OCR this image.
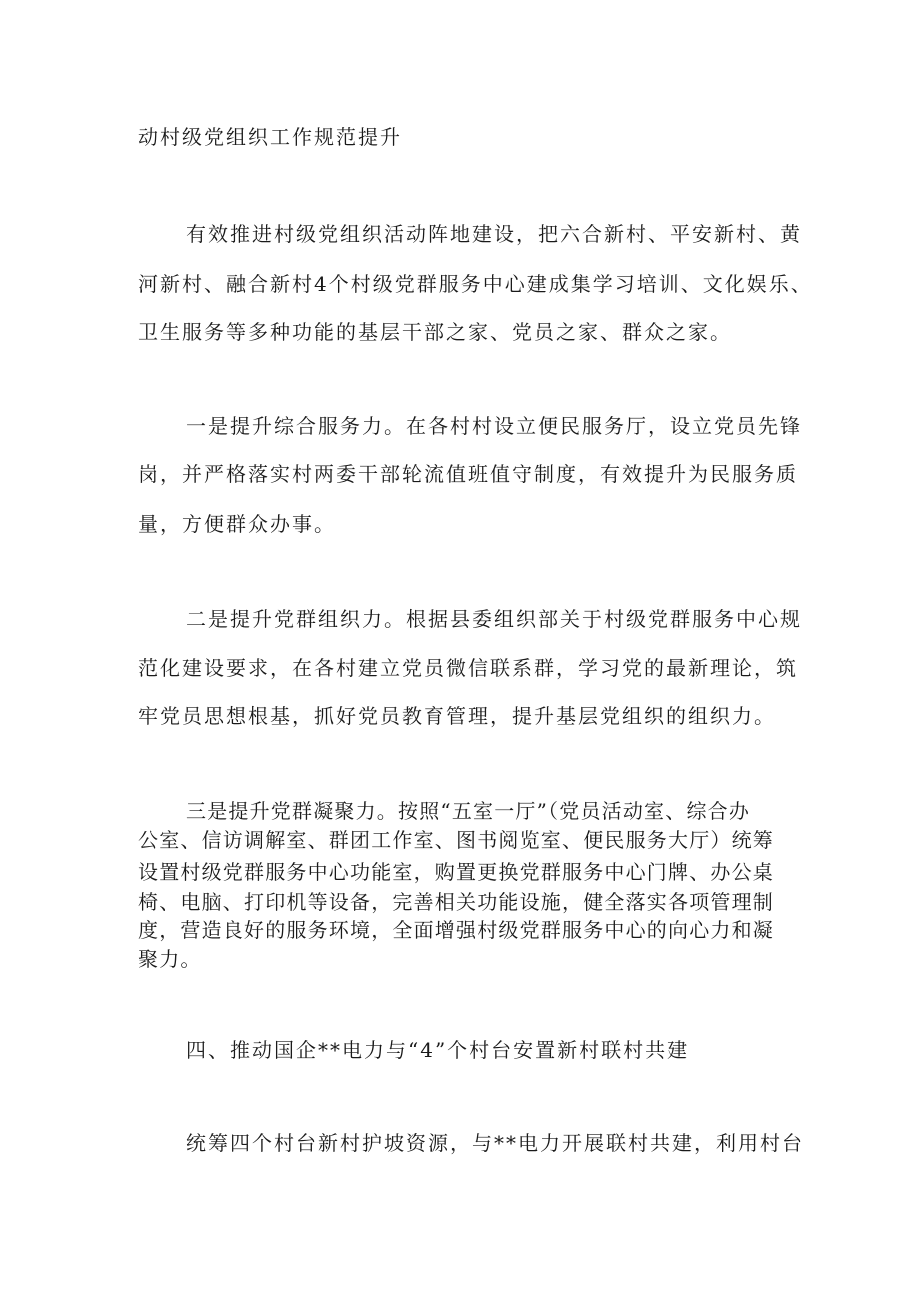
动村级党组织工作规范提升

有效推进村级党组织活动阵地建设，把六合新村、平安新村、黄

河新村、融合新村4个村级党群服务中心建成集学习培训、文化娱乐、

卫生服务等多种功能的基层干部之家、党员之家、群众之家。

一是提升综合服务力。在各村村设立便民服务厅，设立党员先锋

岗，并严格落实村两委干部轮流值班值守制度，有效提升为民服务质

量，方便群众办事。

二是提升党群组织力。根据县委组织部关于村级党群服务中心规

范化建设要求，在各村建立党员微信联系群，学习党的最新理论，筑

牢党员思想根基，抓好党员教育管理，提升基层党组织的组织力。

三是提升党群凝聚力。按照“五室一厅”（党员活动室、综合办

公室、信访调解室、群团工作室、图书阅览室、便民服务大厅）统筹

设置村级党群服务中心功能室，购置更换党群服务中心门牌、办公桌

椅、电脑、打印机等设备，完善相关功能设施，健全落实各项管理制

度，营造良好的服务环境，全面增强村级党群服务中心的向心力和凝

聚力。

四、推动国企**电力与“4”个村台安置新村联村共建

统筹四个村台新村护坡资源，与**电力开展联村共建，利用村台
